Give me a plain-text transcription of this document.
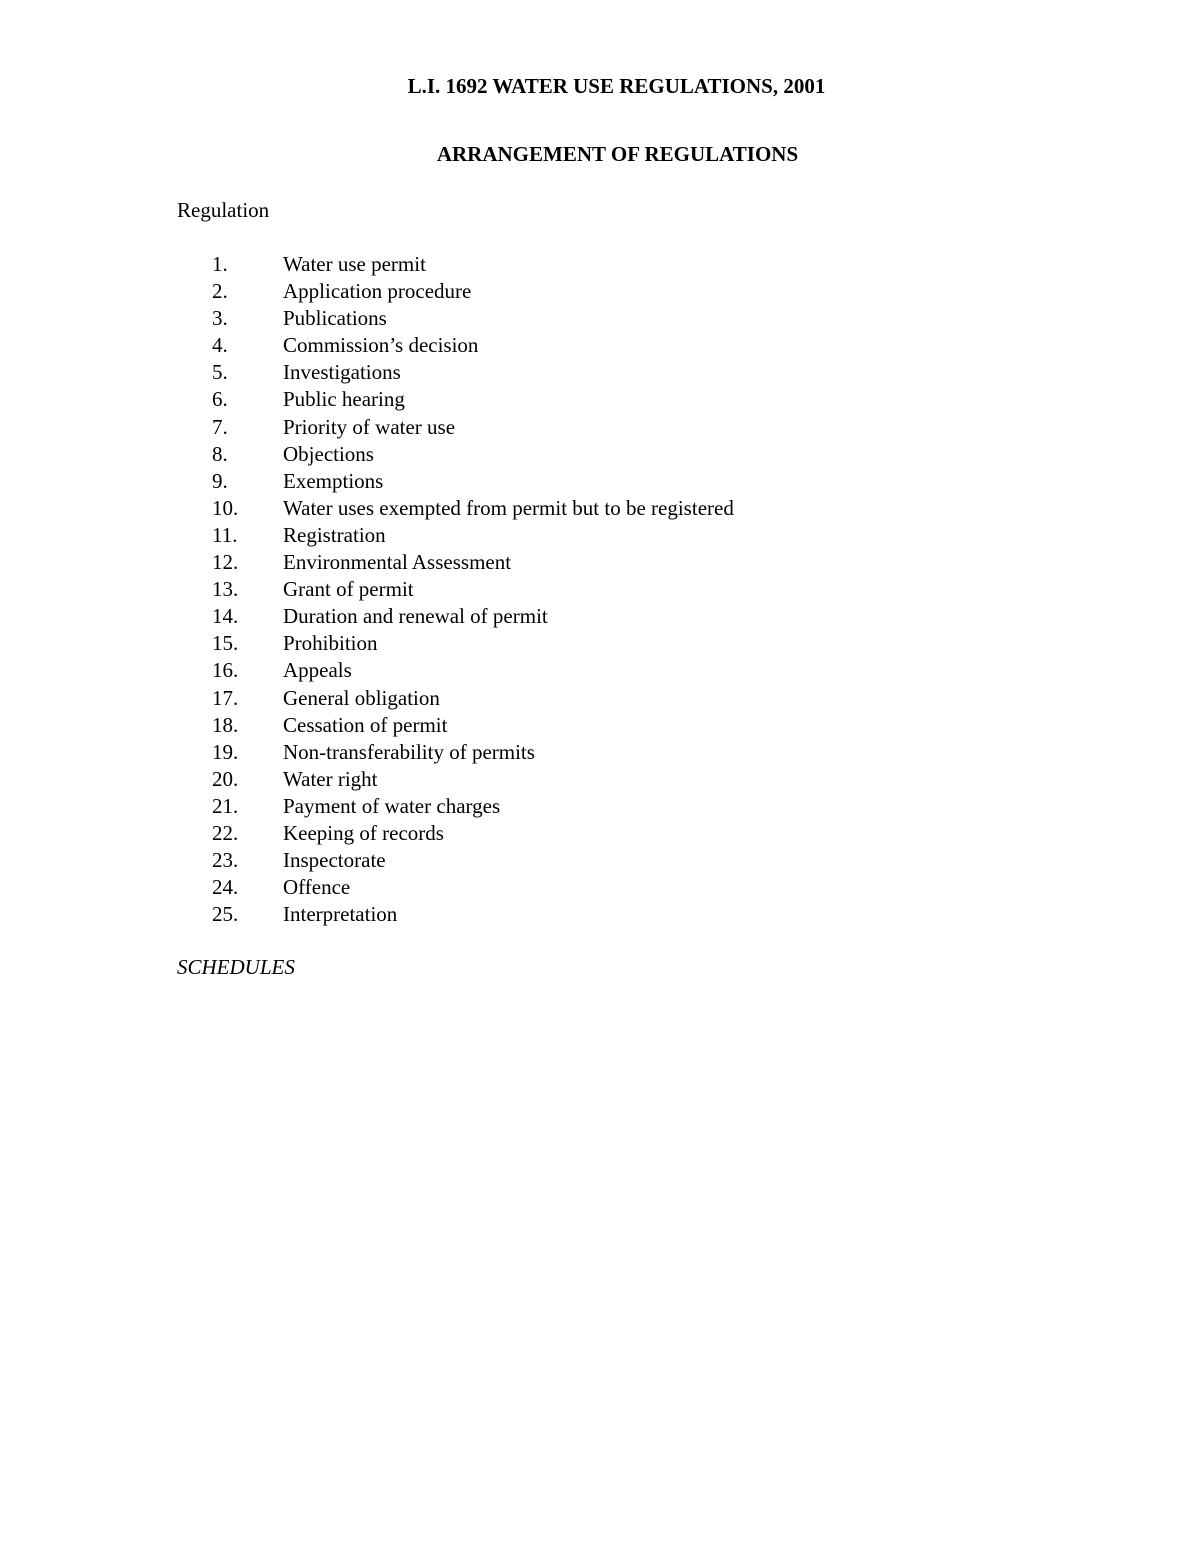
L.I. 1692 WATER USE REGULATIONS, 2001
ARRANGEMENT OF REGULATIONS

Regulation

1.	Water use permit
2.	Application procedure
3.	Publications
4.	Commission’s decision
5.	Investigations
6.	Public hearing
7.	Priority of water use
8.	Objections
9.	Exemptions
10. Water uses exempted from permit but to be registered
11. Registration
12. Environmental Assessment
13. Grant of permit
14. Duration and renewal of permit
15. Prohibition
16. Appeals
17. General obligation
18. Cessation of permit
19. Non-transferability of permits
20. Water right
21. Payment of water charges
22. Keeping of records
23. Inspectorate
24. Offence
25. Interpretation

SCHEDULES
